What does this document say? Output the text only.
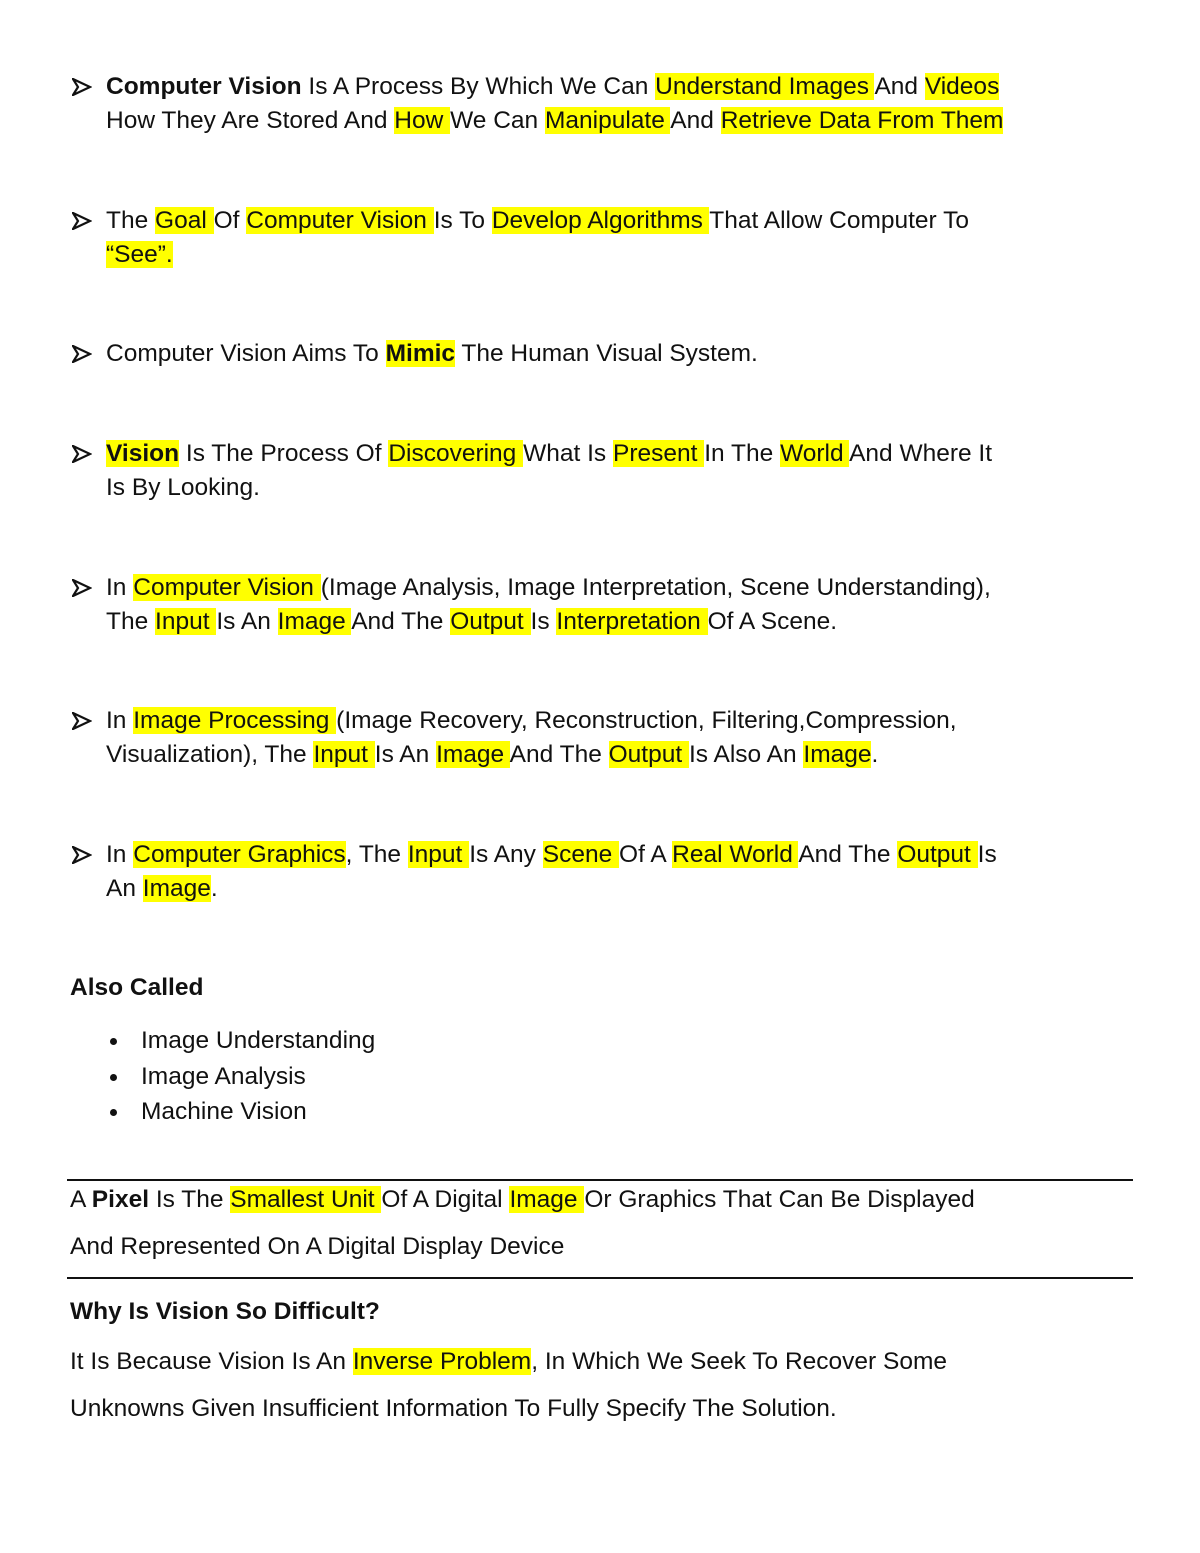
Computer Vision Is A Process By Which We Can Understand Images And Videos
How They Are Stored And How We Can Manipulate And Retrieve Data From Them
The Goal Of Computer Vision Is To Develop Algorithms That Allow Computer To
“See”.
Computer Vision Aims To Mimic The Human Visual System.
Vision Is The Process Of Discovering What Is Present In The World And Where It
Is By Looking.
In Computer Vision (Image Analysis, Image Interpretation, Scene Understanding),
The Input Is An Image And The Output Is Interpretation Of A Scene.
In Image Processing (Image Recovery, Reconstruction, Filtering,Compression,
Visualization), The Input Is An Image And The Output Is Also An Image.
In Computer Graphics, The Input Is Any Scene Of A Real World And The Output Is
An Image.
Also Called
Image Understanding
Image Analysis
Machine Vision
A Pixel Is The Smallest Unit Of A Digital Image Or Graphics That Can Be Displayed
And Represented On A Digital Display Device
Why Is Vision So Difficult?
It Is Because Vision Is An Inverse Problem, In Which We Seek To Recover Some
Unknowns Given Insufficient Information To Fully Specify The Solution.
